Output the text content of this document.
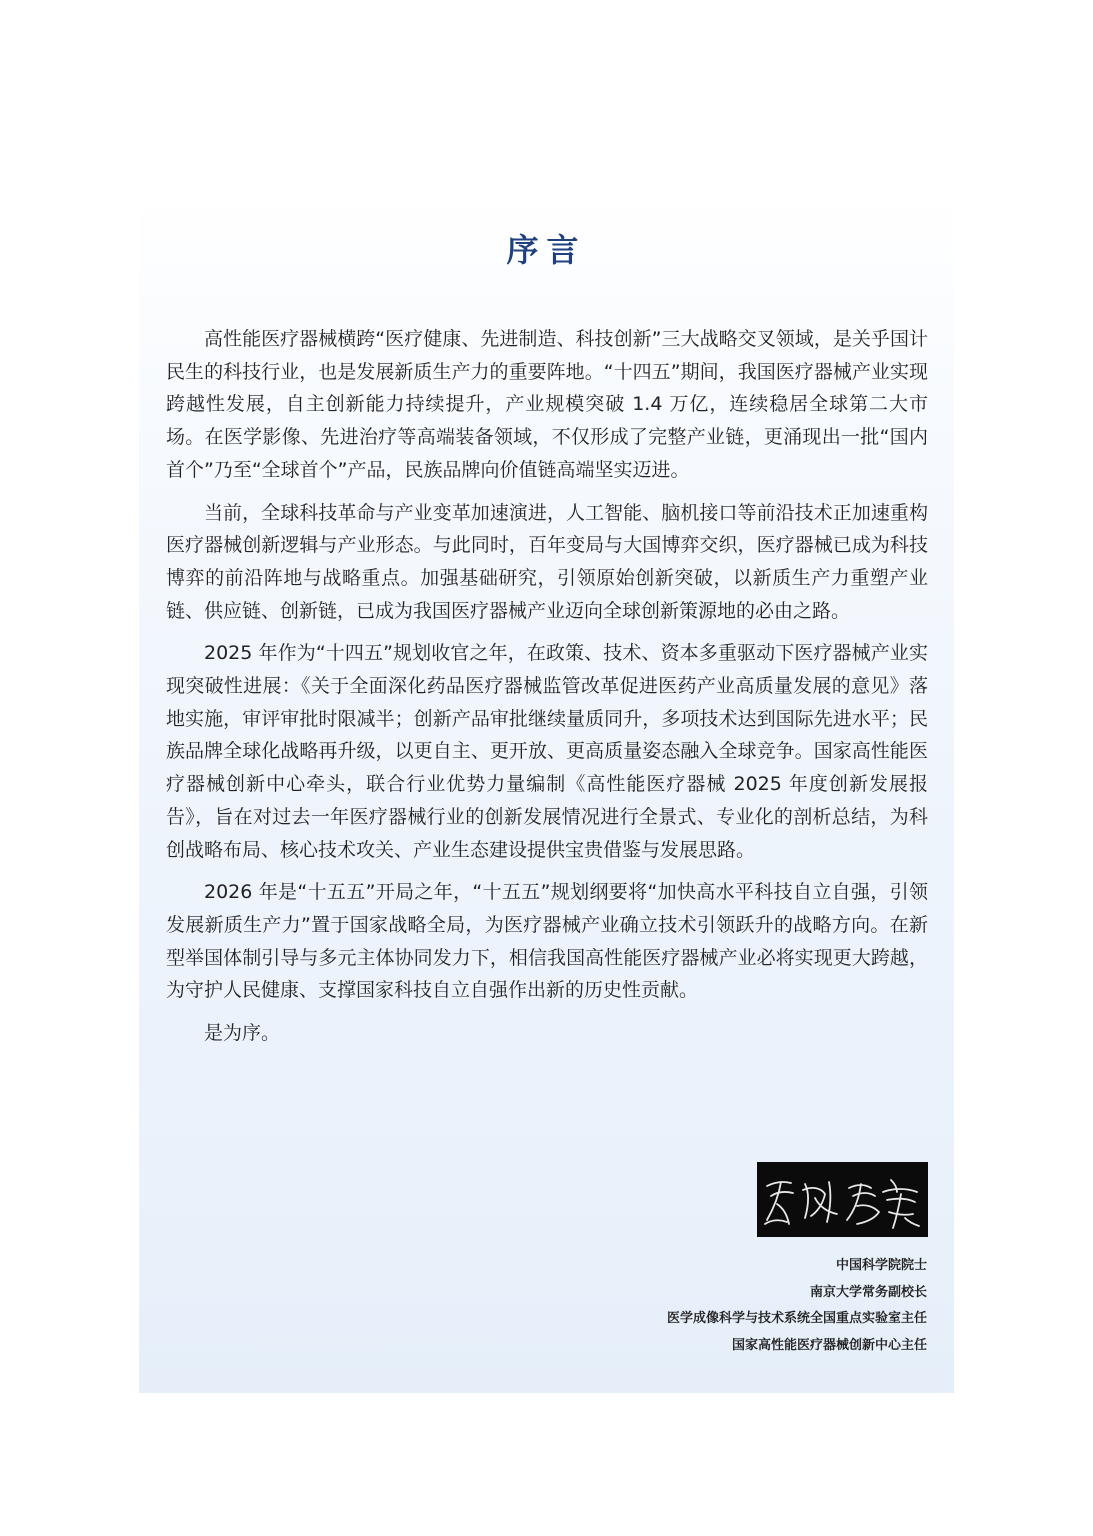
序言

高性能医疗器械横跨“医疗健康、先进制造、科技创新”三大战略交叉领域，是关乎国计民生的科技行业，也是发展新质生产力的重要阵地。“十四五”期间，我国医疗器械产业实现跨越性发展，自主创新能力持续提升，产业规模突破 1.4 万亿，连续稳居全球第二大市场。在医学影像、先进治疗等高端装备领域，不仅形成了完整产业链，更涌现出一批“国内首个”乃至“全球首个”产品，民族品牌向价值链高端坚实迈进。

当前，全球科技革命与产业变革加速演进，人工智能、脑机接口等前沿技术正加速重构医疗器械创新逻辑与产业形态。与此同时，百年变局与大国博弈交织，医疗器械已成为科技博弈的前沿阵地与战略重点。加强基础研究，引领原始创新突破，以新质生产力重塑产业链、供应链、创新链，已成为我国医疗器械产业迈向全球创新策源地的必由之路。

2025 年作为“十四五”规划收官之年，在政策、技术、资本多重驱动下医疗器械产业实现突破性进展：《关于全面深化药品医疗器械监管改革促进医药产业高质量发展的意见》落地实施，审评审批时限减半；创新产品审批继续量质同升，多项技术达到国际先进水平；民族品牌全球化战略再升级，以更自主、更开放、更高质量姿态融入全球竞争。国家高性能医疗器械创新中心牵头，联合行业优势力量编制《高性能医疗器械 2025 年度创新发展报告》，旨在对过去一年医疗器械行业的创新发展情况进行全景式、专业化的剖析总结，为科创战略布局、核心技术攻关、产业生态建设提供宝贵借鉴与发展思路。

2026 年是“十五五”开局之年，“十五五”规划纲要将“加快高水平科技自立自强，引领发展新质生产力”置于国家战略全局，为医疗器械产业确立技术引领跃升的战略方向。在新型举国体制引导与多元主体协同发力下，相信我国高性能医疗器械产业必将实现更大跨越，为守护人民健康、支撑国家科技自立自强作出新的历史性贡献。

是为序。

中国科学院院士
南京大学常务副校长
医学成像科学与技术系统全国重点实验室主任
国家高性能医疗器械创新中心主任
